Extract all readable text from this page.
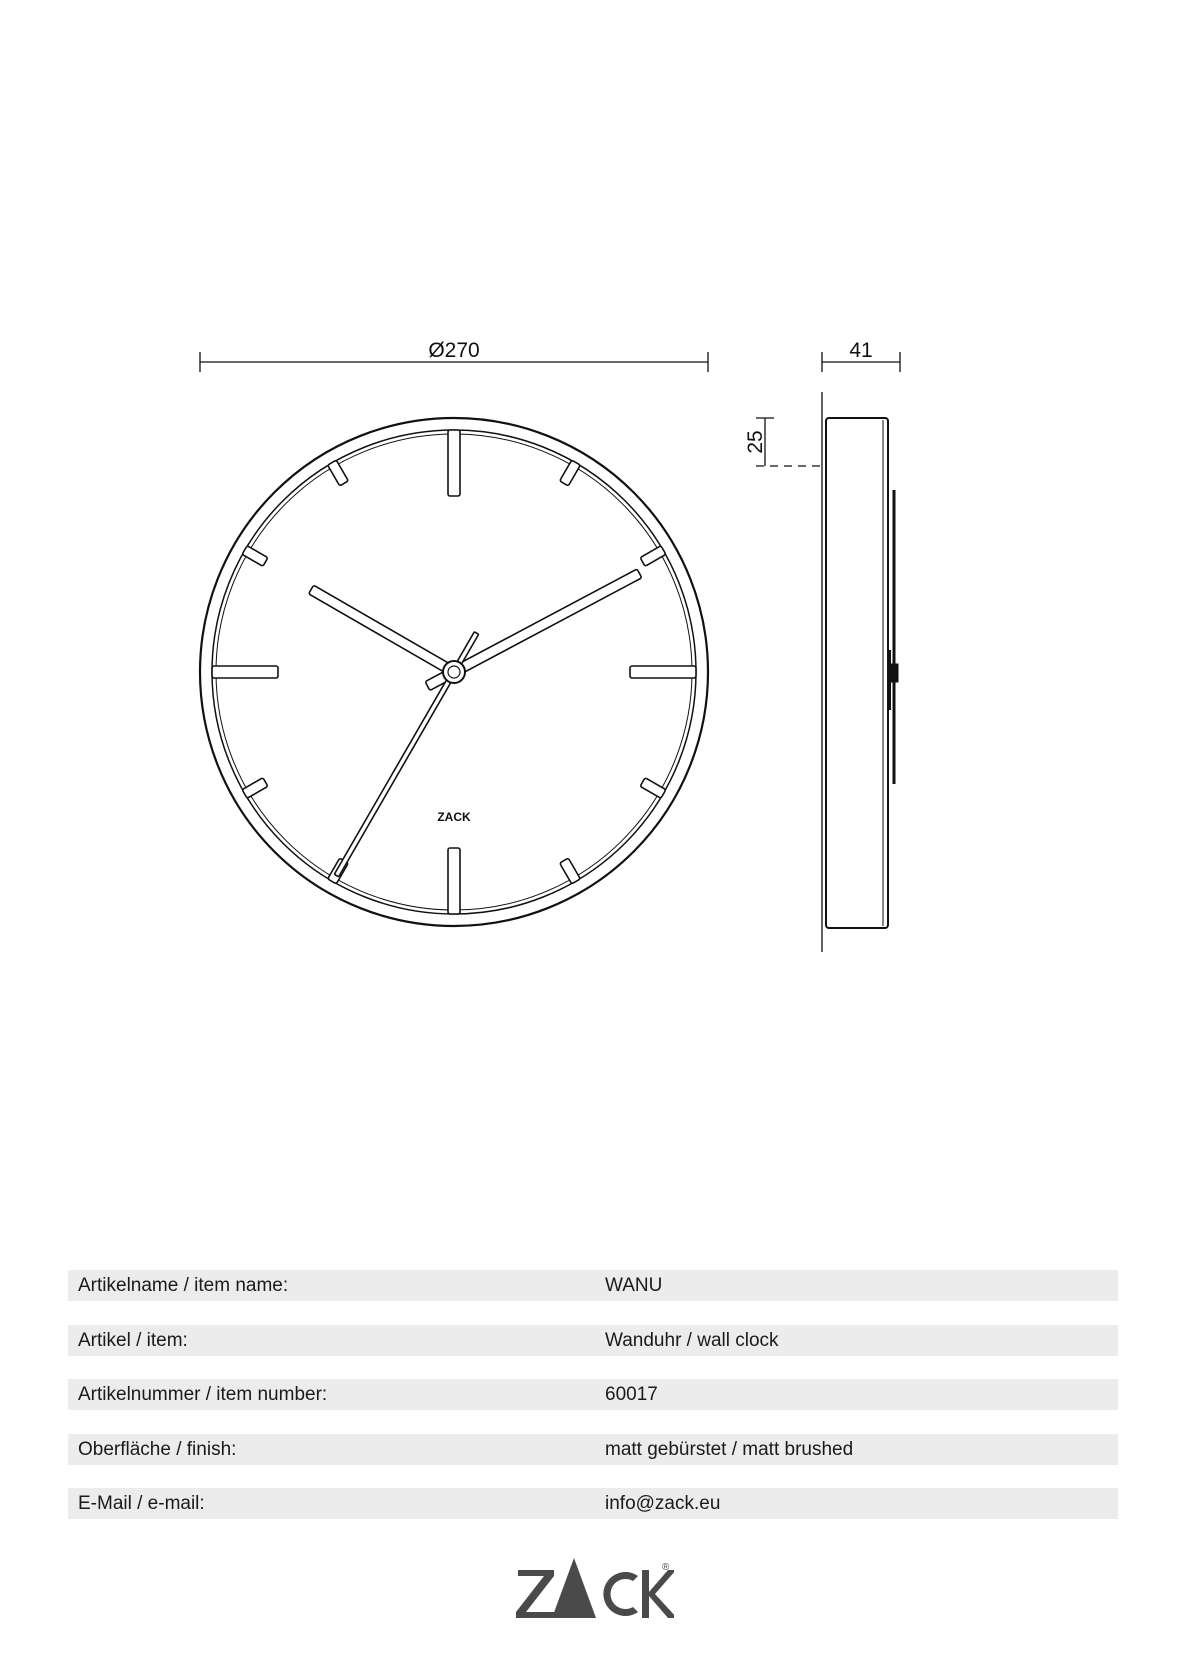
Ø270
ZACK
41
25
Artikelname / item name:	WANU
Artikel / item:	Wanduhr / wall clock
Artikelnummer / item number:	60017
Oberfläche / finish:	matt gebürstet / matt brushed
E-Mail / e-mail:	info@zack.eu
®
